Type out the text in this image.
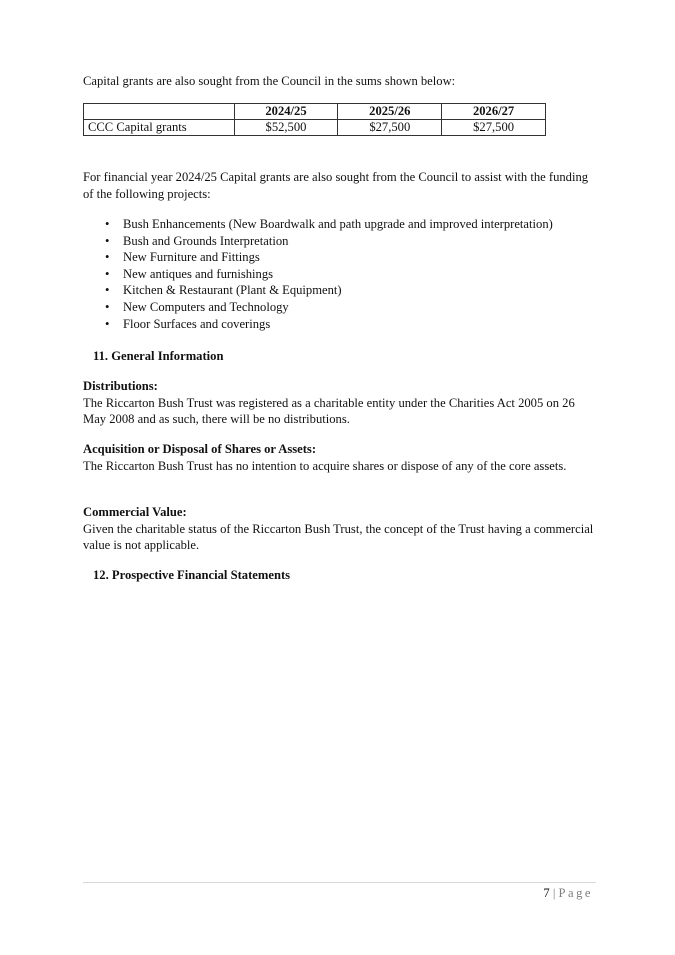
Capital grants are also sought from the Council in the sums shown below:

	2024/25	2025/26	2026/27
CCC Capital grants	$52,500	$27,500	$27,500

For financial year 2024/25 Capital grants are also sought from the Council to assist with the funding of the following projects:

• Bush Enhancements (New Boardwalk and path upgrade and improved interpretation)
• Bush and Grounds Interpretation
• New Furniture and Fittings
• New antiques and furnishings
• Kitchen & Restaurant (Plant & Equipment)
• New Computers and Technology
• Floor Surfaces and coverings

11. General Information

Distributions:

The Riccarton Bush Trust was registered as a charitable entity under the Charities Act 2005 on 26 May 2008 and as such, there will be no distributions.

Acquisition or Disposal of Shares or Assets:

The Riccarton Bush Trust has no intention to acquire shares or dispose of any of the core assets.

Commercial Value:

Given the charitable status of the Riccarton Bush Trust, the concept of the Trust having a commercial value is not applicable.

12. Prospective Financial Statements

7 | Page
